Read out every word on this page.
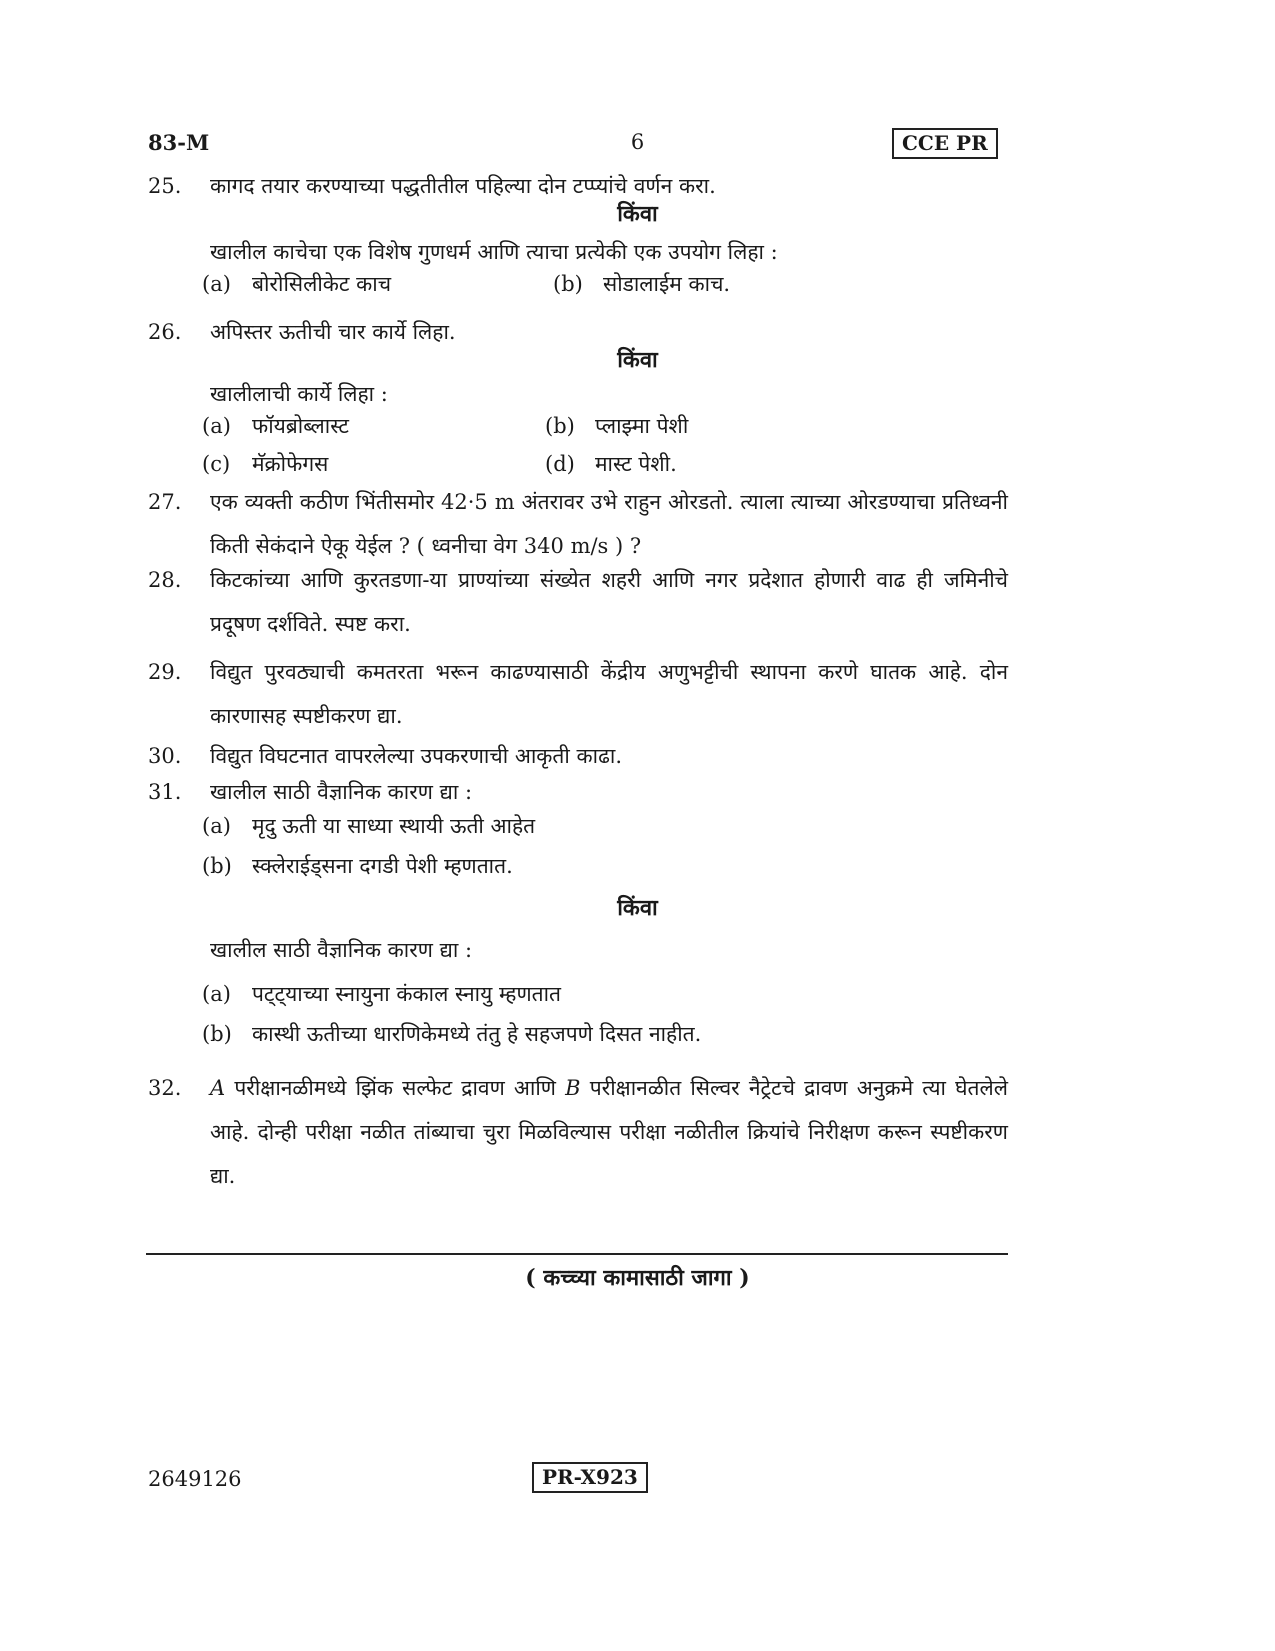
83-M	6	CCE PR
25.	कागद तयार करण्याच्या पद्धतीतील पहिल्या दोन टप्प्यांचे वर्णन करा.
किंवा
खालील काचेचा एक विशेष गुणधर्म आणि त्याचा प्रत्येकी एक उपयोग लिहा :
(a) बोरोसिलीकेट काच	(b) सोडालाईम काच.
26.	अपिस्तर ऊतीची चार कार्ये लिहा.
किंवा
खालीलाची कार्ये लिहा :
(a) फॉयब्रोब्लास्ट	(b) प्लाझ्मा पेशी
(c) मॅक्रोफेगस	(d) मास्ट पेशी.
27.	एक व्यक्ती कठीण भिंतीसमोर 42·5 m अंतरावर उभे राहुन ओरडतो. त्याला त्याच्या ओरडण्याचा प्रतिध्वनी किती सेकंदाने ऐकू येईल ? ( ध्वनीचा वेग 340 m/s ) ?
28.	किटकांच्या आणि कुरतडणा-या प्राण्यांच्या संख्येत शहरी आणि नगर प्रदेशात होणारी वाढ ही जमिनीचे प्रदूषण दर्शविते. स्पष्ट करा.
29.	विद्युत पुरवठ्याची कमतरता भरून काढण्यासाठी केंद्रीय अणुभट्टीची स्थापना करणे घातक आहे. दोन कारणासह स्पष्टीकरण द्या.
30.	विद्युत विघटनात वापरलेल्या उपकरणाची आकृती काढा.
31.	खालील साठी वैज्ञानिक कारण द्या :
(a) मृदु ऊती या साध्या स्थायी ऊती आहेत
(b) स्क्लेराईड्सना दगडी पेशी म्हणतात.
किंवा
खालील साठी वैज्ञानिक कारण द्या :
(a) पट्ट्याच्या स्नायुना कंकाल स्नायु म्हणतात
(b) कास्थी ऊतीच्या धारणिकेमध्ये तंतु हे सहजपणे दिसत नाहीत.
32.	A परीक्षानळीमध्ये झिंक सल्फेट द्रावण आणि B परीक्षानळीत सिल्वर नैट्रेटचे द्रावण अनुक्रमे त्या घेतलेले आहे. दोन्ही परीक्षा नळीत तांब्याचा चुरा मिळविल्यास परीक्षा नळीतील क्रियांचे निरीक्षण करून स्पष्टीकरण द्या.
( कच्च्या कामासाठी जागा )
2649126	PR-X923
